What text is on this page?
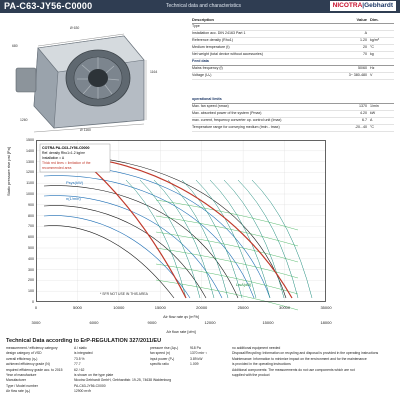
PA-C63-JY56-C0000	Technical data and characteristics	NICOTRA|Gebhardt
Ø 630
1164
Ø 1160
680
1260
Description	Value Dim.
Type
Installation acc. DIN 24163 Part 1	A
Reference density (Rho1)	1.20 kg/m³
Medium temperature (t)	20 °C
Net weight (total device without accessories)	70 kg
Feed data
Mains frequency (f)	50/60 Hz
Voltage (Uₙ)	3~ 380-480 V
operational limits
Max. fan speed (nmax)	1370 1/min
Max. absorbed power of the system (Pmax)	4.20 kW
max. current, frequency converter op. control unit (Imax)	6.7 A
Temperature range for conveying medium (tmin - tmax)	-20...40 °C
Static pressure rise pst [Pa]	COTRA PA-C63-JY56-C0000
Ref. density Rho1=1.2 kg/m³
Installation = A
Thick red lines = limitation of the
recommended area
Psys(kW)
n(1/min)
LwA(dB)
1500
1400
1300
1200
1100
1000
900
800
700
600
500
400
300
200
100
0
0	5000	10000	15000	20000	25000	30000	35000
3000	6000	9000	12000	15000	18000
Air flow rate qv [m³/h]
Air flow rate [cfm]
* SFR NOT USE IN THIS AREA
Technical Data according to ErP-REGULATION 327/2011/EU
measurement / efficiency category	A / static
design category of VSD	is integrated
overall efficiency (ηₑ)	73.5 %
achieved efficiency grade (N)	77.7
required efficiency grade acc. to 2015	62 / 62
Year of manufacture	is shown on the type plate
Manufacturer	Nicotra Gebhardt GmbH, Gebhardtstr. 19-25, 74638 Waldenburg
Type / Model number	PA-C63-JY56-C0000
Air flow rate (qᵥ)	12900 m³/h
pressure rise (Δpₛ)	918 Pa
fan speed (n)	1370 min⁻¹
input power (Pₑ)	3.89 kW
specific ratio	1.009
no additional equipment needed
Disposal/Recycling: Information on recycling and disposal is provided in the operating instructions
Maintenance: Information to minimize impact on the environment and for the maintenance
is provided in the operating instructions
Additional components: The measurements do not use components which are not
supplied with the product
